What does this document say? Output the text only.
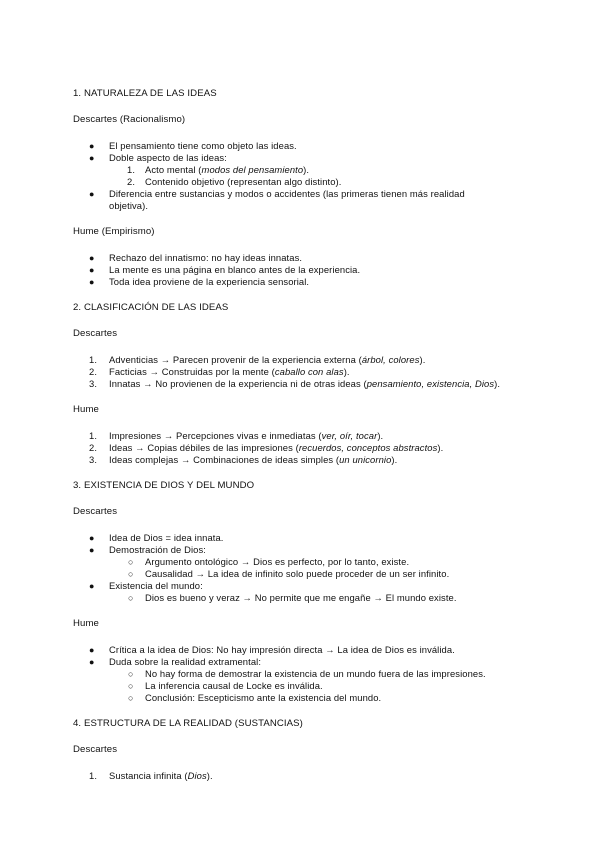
1. NATURALEZA DE LAS IDEAS
Descartes (Racionalismo)
● El pensamiento tiene como objeto las ideas.
● Doble aspecto de las ideas:
1. Acto mental (modos del pensamiento).
2. Contenido objetivo (representan algo distinto).
● Diferencia entre sustancias y modos o accidentes (las primeras tienen más realidad
objetiva).
Hume (Empirismo)
● Rechazo del innatismo: no hay ideas innatas.
● La mente es una página en blanco antes de la experiencia.
● Toda idea proviene de la experiencia sensorial.
2. CLASIFICACIÓN DE LAS IDEAS
Descartes
1. Adventicias → Parecen provenir de la experiencia externa (árbol, colores).
2. Facticias → Construidas por la mente (caballo con alas).
3. Innatas → No provienen de la experiencia ni de otras ideas (pensamiento, existencia, Dios).
Hume
1. Impresiones → Percepciones vivas e inmediatas (ver, oír, tocar).
2. Ideas → Copias débiles de las impresiones (recuerdos, conceptos abstractos).
3. Ideas complejas → Combinaciones de ideas simples (un unicornio).
3. EXISTENCIA DE DIOS Y DEL MUNDO
Descartes
● Idea de Dios = idea innata.
● Demostración de Dios:
○ Argumento ontológico → Dios es perfecto, por lo tanto, existe.
○ Causalidad → La idea de infinito solo puede proceder de un ser infinito.
● Existencia del mundo:
○ Dios es bueno y veraz → No permite que me engañe → El mundo existe.
Hume
● Crítica a la idea de Dios: No hay impresión directa → La idea de Dios es inválida.
● Duda sobre la realidad extramental:
○ No hay forma de demostrar la existencia de un mundo fuera de las impresiones.
○ La inferencia causal de Locke es inválida.
○ Conclusión: Escepticismo ante la existencia del mundo.
4. ESTRUCTURA DE LA REALIDAD (SUSTANCIAS)
Descartes
1. Sustancia infinita (Dios).
